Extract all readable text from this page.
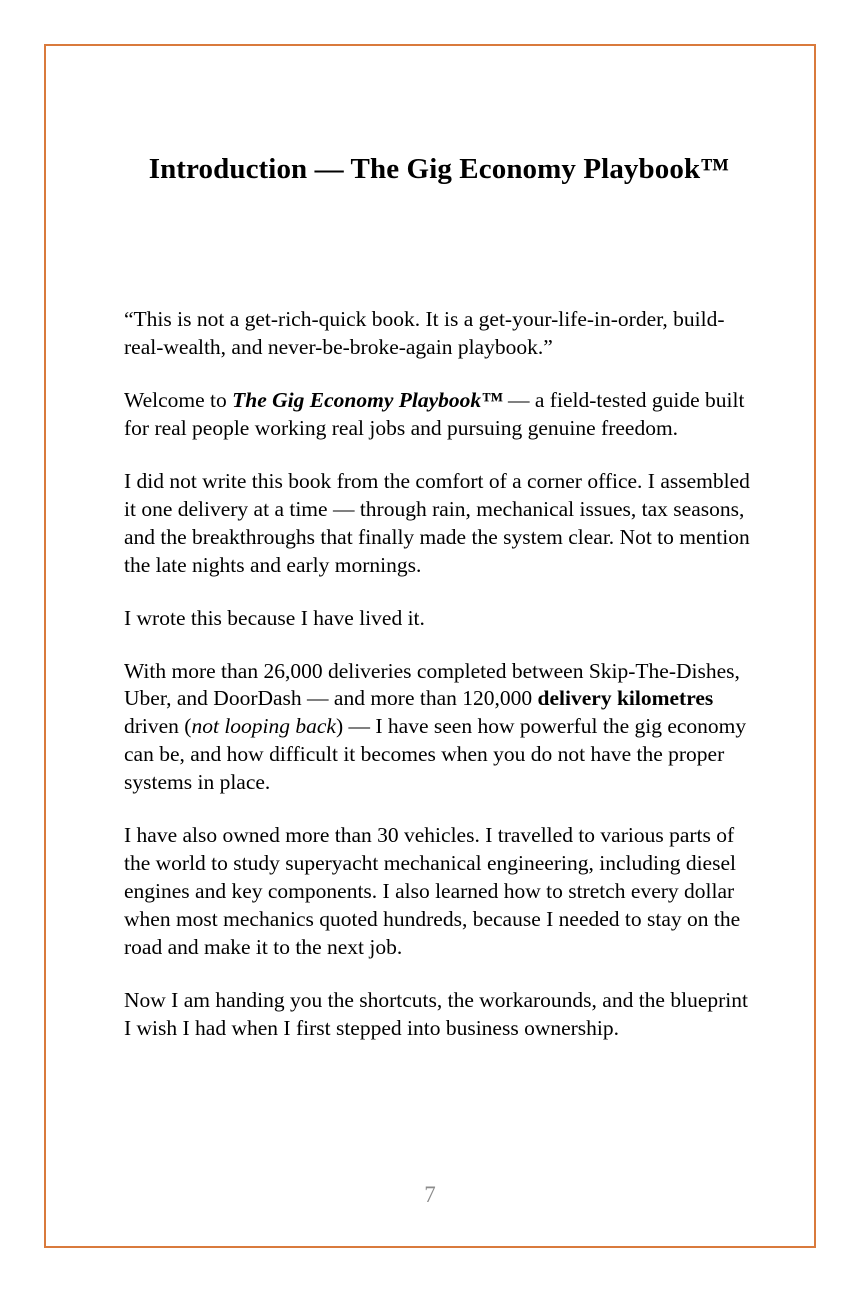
Introduction — The Gig Economy Playbook™

“This is not a get-rich-quick book. It is a get-your-life-in-order, build-real-wealth, and never-be-broke-again playbook.”

Welcome to The Gig Economy Playbook™ — a field-tested guide built for real people working real jobs and pursuing genuine freedom.

I did not write this book from the comfort of a corner office. I assembled it one delivery at a time — through rain, mechanical issues, tax seasons, and the breakthroughs that finally made the system clear. Not to mention the late nights and early mornings.

I wrote this because I have lived it.

With more than 26,000 deliveries completed between Skip-The-Dishes, Uber, and DoorDash — and more than 120,000 delivery kilometres driven (not looping back) — I have seen how powerful the gig economy can be, and how difficult it becomes when you do not have the proper systems in place.

I have also owned more than 30 vehicles. I travelled to various parts of the world to study superyacht mechanical engineering, including diesel engines and key components. I also learned how to stretch every dollar when most mechanics quoted hundreds, because I needed to stay on the road and make it to the next job.

Now I am handing you the shortcuts, the workarounds, and the blueprint I wish I had when I first stepped into business ownership.

7
